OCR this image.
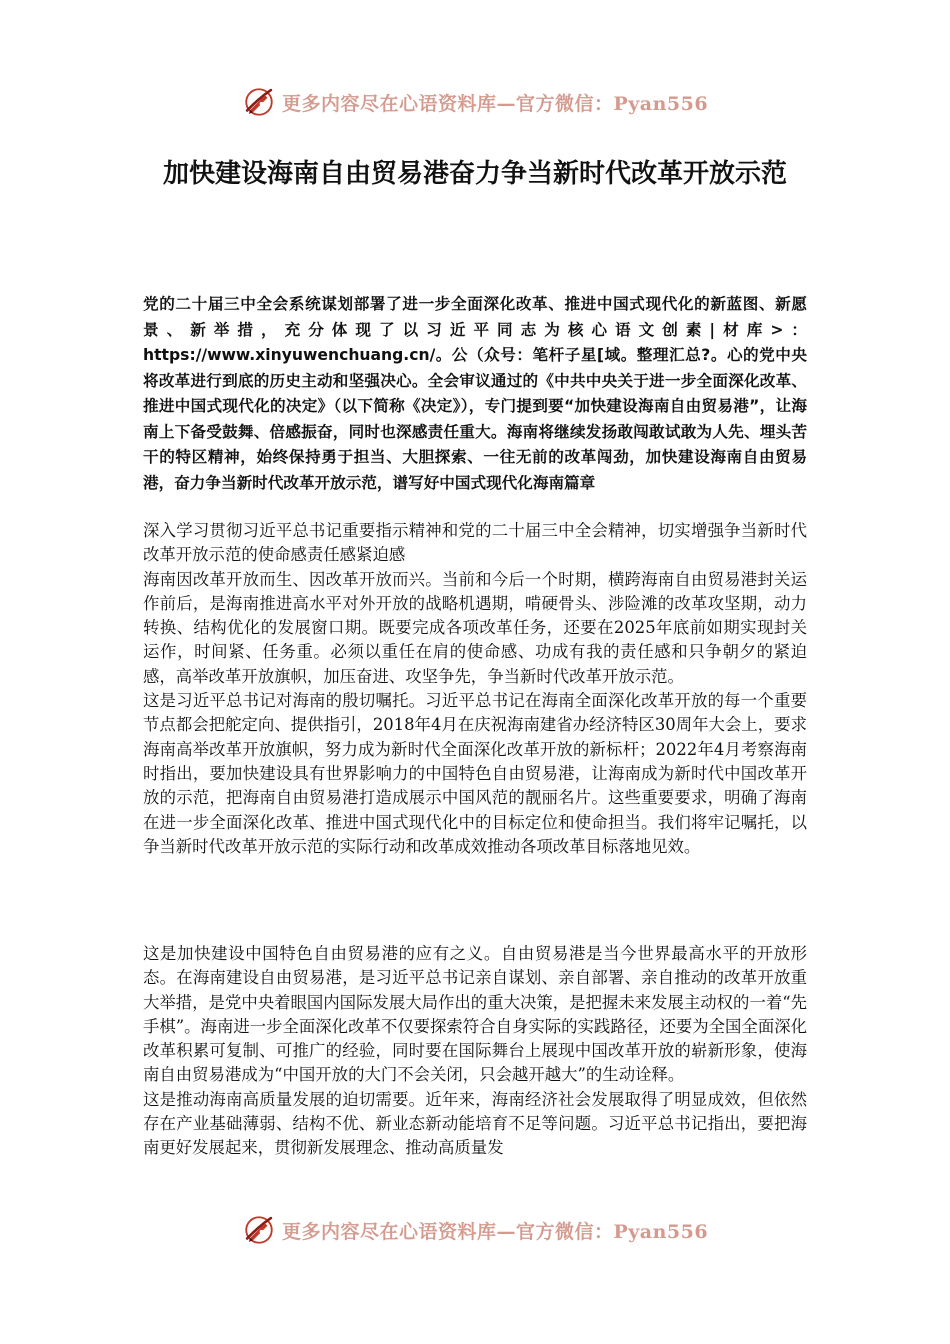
更多内容尽在心语资料库—官方微信：Pyan556
加快建设海南自由贸易港奋力争当新时代改革开放示范

党的二十届三中全会系统谋划部署了进一步全面深化改革、推进中国式现代化的新蓝图、新愿景、新举措，充分体现了以习近平同志为核心语文创素|材库>：https://www.xinyuwenchuang.cn/。公（众号：笔杆子星[域。整理汇总?。心的党中央将改革进行到底的历史主动和坚强决心。全会审议通过的《中共中央关于进一步全面深化改革、推进中国式现代化的决定》（以下简称《决定》），专门提到要“加快建设海南自由贸易港”，让海南上下备受鼓舞、倍感振奋，同时也深感责任重大。海南将继续发扬敢闯敢试敢为人先、埋头苦干的特区精神，始终保持勇于担当、大胆探索、一往无前的改革闯劲，加快建设海南自由贸易港，奋力争当新时代改革开放示范，谱写好中国式现代化海南篇章

深入学习贯彻习近平总书记重要指示精神和党的二十届三中全会精神，切实增强争当新时代改革开放示范的使命感责任感紧迫感

海南因改革开放而生、因改革开放而兴。当前和今后一个时期，横跨海南自由贸易港封关运作前后，是海南推进高水平对外开放的战略机遇期，啃硬骨头、涉险滩的改革攻坚期，动力转换、结构优化的发展窗口期。既要完成各项改革任务，还要在2025年底前如期实现封关运作，时间紧、任务重。必须以重任在肩的使命感、功成有我的责任感和只争朝夕的紧迫感，高举改革开放旗帜，加压奋进、攻坚争先，争当新时代改革开放示范。

这是习近平总书记对海南的殷切嘱托。习近平总书记在海南全面深化改革开放的每一个重要节点都会把舵定向、提供指引，2018年4月在庆祝海南建省办经济特区30周年大会上，要求海南高举改革开放旗帜，努力成为新时代全面深化改革开放的新标杆；2022年4月考察海南时指出，要加快建设具有世界影响力的中国特色自由贸易港，让海南成为新时代中国改革开放的示范，把海南自由贸易港打造成展示中国风范的靓丽名片。这些重要要求，明确了海南在进一步全面深化改革、推进中国式现代化中的目标定位和使命担当。我们将牢记嘱托，以争当新时代改革开放示范的实际行动和改革成效推动各项改革目标落地见效。

这是加快建设中国特色自由贸易港的应有之义。自由贸易港是当今世界最高水平的开放形态。在海南建设自由贸易港，是习近平总书记亲自谋划、亲自部署、亲自推动的改革开放重大举措，是党中央着眼国内国际发展大局作出的重大决策，是把握未来发展主动权的一着“先手棋”。海南进一步全面深化改革不仅要探索符合自身实际的实践路径，还要为全国全面深化改革积累可复制、可推广的经验，同时要在国际舞台上展现中国改革开放的崭新形象，使海南自由贸易港成为“中国开放的大门不会关闭，只会越开越大”的生动诠释。

这是推动海南高质量发展的迫切需要。近年来，海南经济社会发展取得了明显成效，但依然存在产业基础薄弱、结构不优、新业态新动能培育不足等问题。习近平总书记指出，要把海南更好发展起来，贯彻新发展理念、推动高质量发

更多内容尽在心语资料库—官方微信：Pyan556
